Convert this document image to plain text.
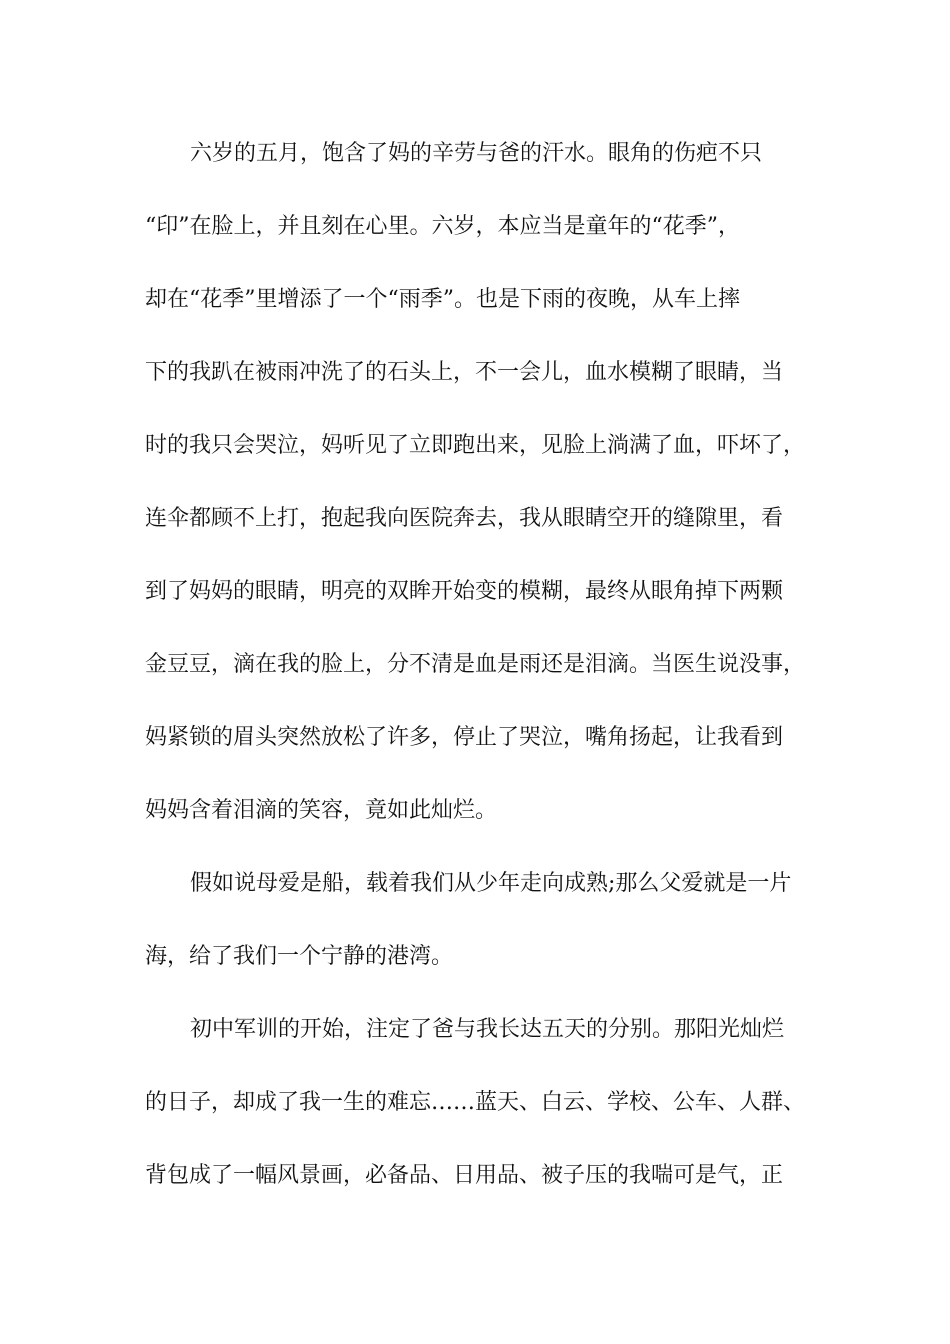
六岁的五月，饱含了妈的辛劳与爸的汗水。眼角的伤疤不只

“印”在脸上，并且刻在心里。六岁，本应当是童年的“花季”，

却在“花季”里增添了一个“雨季”。也是下雨的夜晚，从车上摔

下的我趴在被雨冲洗了的石头上，不一会儿，血水模糊了眼睛，当

时的我只会哭泣，妈听见了立即跑出来，见脸上淌满了血，吓坏了，

连伞都顾不上打，抱起我向医院奔去，我从眼睛空开的缝隙里，看

到了妈妈的眼睛，明亮的双眸开始变的模糊，最终从眼角掉下两颗

金豆豆，滴在我的脸上，分不清是血是雨还是泪滴。当医生说没事，

妈紧锁的眉头突然放松了许多，停止了哭泣，嘴角扬起，让我看到

妈妈含着泪滴的笑容，竟如此灿烂。

假如说母爱是船，载着我们从少年走向成熟;那么父爱就是一片

海，给了我们一个宁静的港湾。

初中军训的开始，注定了爸与我长达五天的分别。那阳光灿烂

的日子，却成了我一生的难忘……蓝天、白云、学校、公车、人群、

背包成了一幅风景画，必备品、日用品、被子压的我喘可是气，正
